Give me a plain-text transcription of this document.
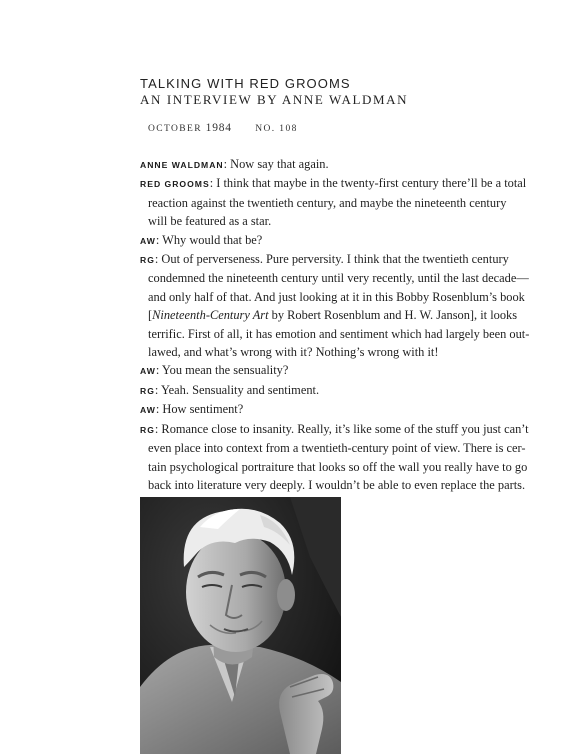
TALKING WITH RED GROOMS
AN INTERVIEW BY ANNE WALDMAN
OCTOBER 1984 NO. 108
ANNE WALDMAN: Now say that again.
RED GROOMS: I think that maybe in the twenty-first century there’ll be a total
reaction against the twentieth century, and maybe the nineteenth century
will be featured as a star.
AW: Why would that be?
RG: Out of perverseness. Pure perversity. I think that the twentieth century
condemned the nineteenth century until very recently, until the last decade—
and only half of that. And just looking at it in this Bobby Rosenblum’s book
[Nineteenth-Century Art by Robert Rosenblum and H. W. Janson], it looks
terrific. First of all, it has emotion and sentiment which had largely been out-
lawed, and what’s wrong with it? Nothing’s wrong with it!
AW: You mean the sensuality?
RG: Yeah. Sensuality and sentiment.
AW: How sentiment?
RG: Romance close to insanity. Really, it’s like some of the stuff you just can’t
even place into context from a twentieth-century point of view. There is cer-
tain psychological portraiture that looks so off the wall you really have to go
back into literature very deeply. I wouldn’t be able to even replace the parts.
